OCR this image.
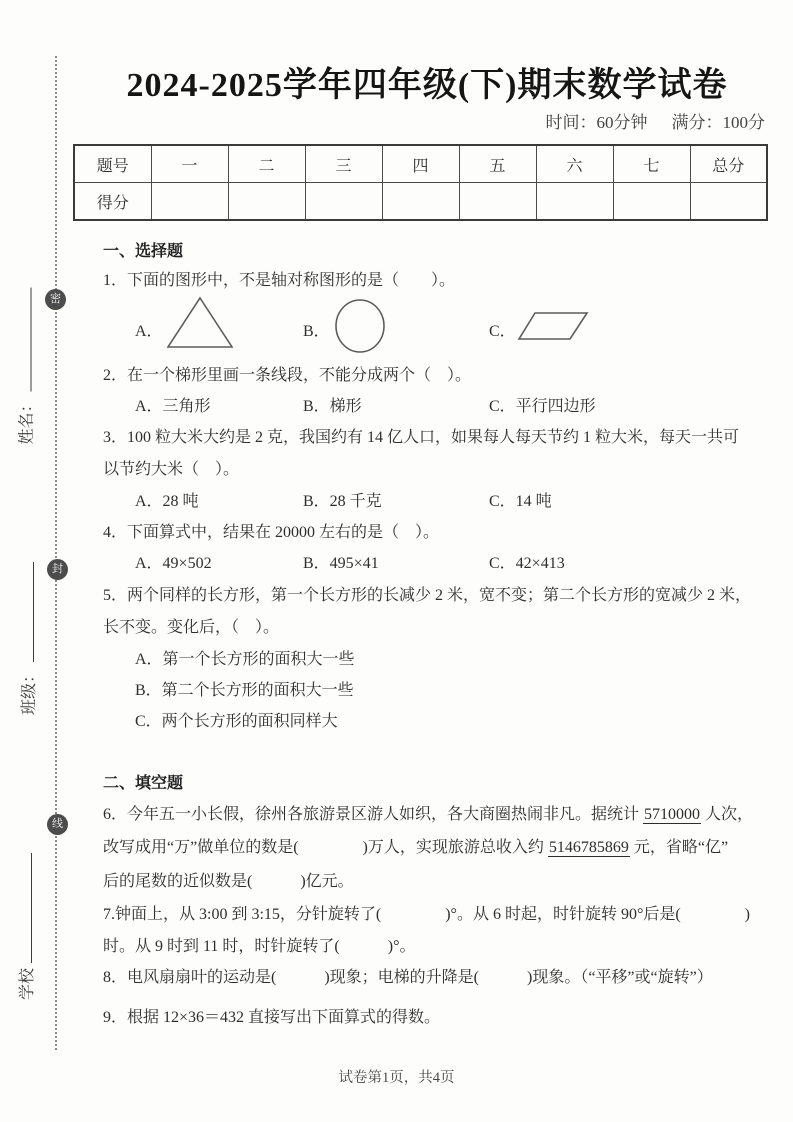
密
封
线
姓名：
班级：
学校
2024-2025学年四年级(下)期末数学试卷
时间：60分钟 满分：100分
题号	一	二	三	四	五	六	七	总分
得分								
一、选择题
1．下面的图形中，不是轴对称图形的是（　　）。
A．	B．	C．
2．在一个梯形里画一条线段，不能分成两个（　）。
A．三角形	B．梯形	C．平行四边形
3．100 粒大米大约是 2 克，我国约有 14 亿人口，如果每人每天节约 1 粒大米，每天一共可
以节约大米（　）。
A．28 吨	B．28 千克	C．14 吨
4．下面算式中，结果在 20000 左右的是（　）。
A．49×502	B．495×41	C．42×413
5．两个同样的长方形，第一个长方形的长减少 2 米，宽不变；第二个长方形的宽减少 2 米，
长不变。变化后，（　）。
A．第一个长方形的面积大一些
B．第二个长方形的面积大一些
C．两个长方形的面积同样大
二、填空题
6．今年五一小长假，徐州各旅游景区游人如织，各大商圈热闹非凡。据统计 5710000 人次，
改写成用“万”做单位的数是(　　　　)万人，实现旅游总收入约 5146785869 元，省略“亿”
后的尾数的近似数是(　　　)亿元。
7.钟面上，从 3:00 到 3:15，分针旋转了(　　　　)°。从 6 时起，时针旋转 90°后是(　　　　)
时。从 9 时到 11 时，时针旋转了(　　　)°。
8．电风扇扇叶的运动是(　　　)现象；电梯的升降是(　　　)现象。（“平移”或“旋转”）
9．根据 12×36＝432 直接写出下面算式的得数。
试卷第1页，共4页
